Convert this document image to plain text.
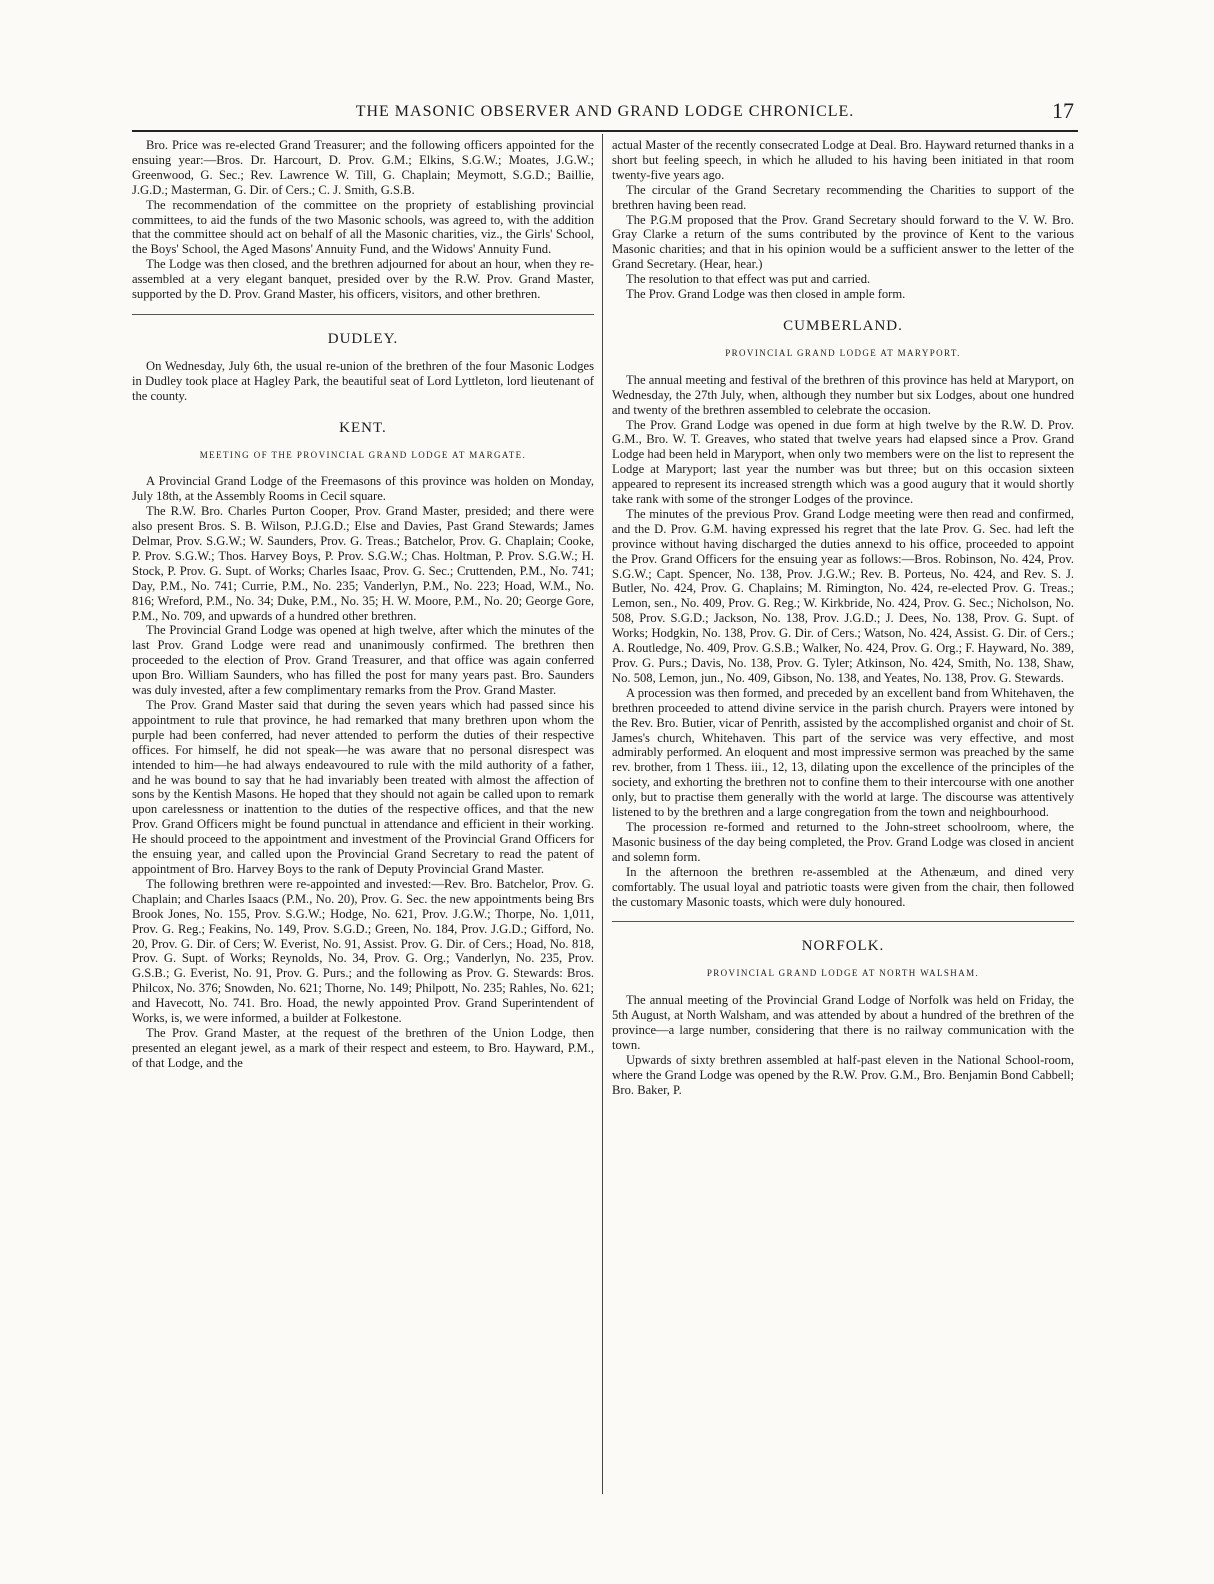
THE MASONIC OBSERVER AND GRAND LODGE CHRONICLE.	17

Bro. Price was re-elected Grand Treasurer; and the following officers appointed for the ensuing year:—Bros. Dr. Harcourt, D. Prov. G.M.; Elkins, S.G.W.; Moates, J.G.W.; Greenwood, G. Sec.; Rev. Lawrence W. Till, G. Chaplain; Meymott, S.G.D.; Baillie, J.G.D.; Masterman, G. Dir. of Cers.; C. J. Smith, G.S.B.

The recommendation of the committee on the propriety of establishing provincial committees, to aid the funds of the two Masonic schools, was agreed to, with the addition that the committee should act on behalf of all the Masonic charities, viz., the Girls' School, the Boys' School, the Aged Masons' Annuity Fund, and the Widows' Annuity Fund.

The Lodge was then closed, and the brethren adjourned for about an hour, when they re-assembled at a very elegant banquet, presided over by the R.W. Prov. Grand Master, supported by the D. Prov. Grand Master, his officers, visitors, and other brethren.

DUDLEY.

On Wednesday, July 6th, the usual re-union of the brethren of the four Masonic Lodges in Dudley took place at Hagley Park, the beautiful seat of Lord Lyttleton, lord lieutenant of the county.

KENT.
MEETING OF THE PROVINCIAL GRAND LODGE AT MARGATE.

A Provincial Grand Lodge of the Freemasons of this province was holden on Monday, July 18th, at the Assembly Rooms in Cecil square.

The R.W. Bro. Charles Purton Cooper, Prov. Grand Master, presided; and there were also present Bros. S. B. Wilson, P.J.G.D.; Else and Davies, Past Grand Stewards; James Delmar, Prov. S.G.W.; W. Saunders, Prov. G. Treas.; Batchelor, Prov. G. Chaplain; Cooke, P. Prov. S.G.W.; Thos. Harvey Boys, P. Prov. S.G.W.; Chas. Holtman, P. Prov. S.G.W.; H. Stock, P. Prov. G. Supt. of Works; Charles Isaac, Prov. G. Sec.; Cruttenden, P.M., No. 741; Day, P.M., No. 741; Currie, P.M., No. 235; Vanderlyn, P.M., No. 223; Hoad, W.M., No. 816; Wreford, P.M., No. 34; Duke, P.M., No. 35; H. W. Moore, P.M., No. 20; George Gore, P.M., No. 709, and upwards of a hundred other brethren.

The Provincial Grand Lodge was opened at high twelve, after which the minutes of the last Prov. Grand Lodge were read and unanimously confirmed. The brethren then proceeded to the election of Prov. Grand Treasurer, and that office was again conferred upon Bro. William Saunders, who has filled the post for many years past. Bro. Saunders was duly invested, after a few complimentary remarks from the Prov. Grand Master.

The Prov. Grand Master said that during the seven years which had passed since his appointment to rule that province, he had remarked that many brethren upon whom the purple had been conferred, had never attended to perform the duties of their respective offices. For himself, he did not speak—he was aware that no personal disrespect was intended to him—he had always endeavoured to rule with the mild authority of a father, and he was bound to say that he had invariably been treated with almost the affection of sons by the Kentish Masons. He hoped that they should not again be called upon to remark upon carelessness or inattention to the duties of the respective offices, and that the new Prov. Grand Officers might be found punctual in attendance and efficient in their working. He should proceed to the appointment and investment of the Provincial Grand Officers for the ensuing year, and called upon the Provincial Grand Secretary to read the patent of appointment of Bro. Harvey Boys to the rank of Deputy Provincial Grand Master.

The following brethren were re-appointed and invested:—Rev. Bro. Batchelor, Prov. G. Chaplain; and Charles Isaacs (P.M., No. 20), Prov. G. Sec. the new appointments being Brs Brook Jones, No. 155, Prov. S.G.W.; Hodge, No. 621, Prov. J.G.W.; Thorpe, No. 1,011, Prov. G. Reg.; Feakins, No. 149, Prov. S.G.D.; Green, No. 184, Prov. J.G.D.; Gifford, No. 20, Prov. G. Dir. of Cers; W. Everist, No. 91, Assist. Prov. G. Dir. of Cers.; Hoad, No. 818, Prov. G. Supt. of Works; Reynolds, No. 34, Prov. G. Org.; Vanderlyn, No. 235, Prov. G.S.B.; G. Everist, No. 91, Prov. G. Purs.; and the following as Prov. G. Stewards: Bros. Philcox, No. 376; Snowden, No. 621; Thorne, No. 149; Philpott, No. 235; Rahles, No. 621; and Havecott, No. 741. Bro. Hoad, the newly appointed Prov. Grand Superintendent of Works, is, we were informed, a builder at Folkestone.

The Prov. Grand Master, at the request of the brethren of the Union Lodge, then presented an elegant jewel, as a mark of their respect and esteem, to Bro. Hayward, P.M., of that Lodge, and the

actual Master of the recently consecrated Lodge at Deal. Bro. Hayward returned thanks in a short but feeling speech, in which he alluded to his having been initiated in that room twenty-five years ago.

The circular of the Grand Secretary recommending the Charities to support of the brethren having been read.

The P.G.M proposed that the Prov. Grand Secretary should forward to the V. W. Bro. Gray Clarke a return of the sums contributed by the province of Kent to the various Masonic charities; and that in his opinion would be a sufficient answer to the letter of the Grand Secretary. (Hear, hear.)

The resolution to that effect was put and carried.

The Prov. Grand Lodge was then closed in ample form.

CUMBERLAND.
PROVINCIAL GRAND LODGE AT MARYPORT.

The annual meeting and festival of the brethren of this province has held at Maryport, on Wednesday, the 27th July, when, although they number but six Lodges, about one hundred and twenty of the brethren assembled to celebrate the occasion.

The Prov. Grand Lodge was opened in due form at high twelve by the R.W. D. Prov. G.M., Bro. W. T. Greaves, who stated that twelve years had elapsed since a Prov. Grand Lodge had been held in Maryport, when only two members were on the list to represent the Lodge at Maryport; last year the number was but three; but on this occasion sixteen appeared to represent its increased strength which was a good augury that it would shortly take rank with some of the stronger Lodges of the province.

The minutes of the previous Prov. Grand Lodge meeting were then read and confirmed, and the D. Prov. G.M. having expressed his regret that the late Prov. G. Sec. had left the province without having discharged the duties annexd to his office, proceeded to appoint the Prov. Grand Officers for the ensuing year as follows:—Bros. Robinson, No. 424, Prov. S.G.W.; Capt. Spencer, No. 138, Prov. J.G.W.; Rev. B. Porteus, No. 424, and Rev. S. J. Butler, No. 424, Prov. G. Chaplains; M. Rimington, No. 424, re-elected Prov. G. Treas.; Lemon, sen., No. 409, Prov. G. Reg.; W. Kirkbride, No. 424, Prov. G. Sec.; Nicholson, No. 508, Prov. S.G.D.; Jackson, No. 138, Prov. J.G.D.; J. Dees, No. 138, Prov. G. Supt. of Works; Hodgkin, No. 138, Prov. G. Dir. of Cers.; Watson, No. 424, Assist. G. Dir. of Cers.; A. Routledge, No. 409, Prov. G.S.B.; Walker, No. 424, Prov. G. Org.; F. Hayward, No. 389, Prov. G. Purs.; Davis, No. 138, Prov. G. Tyler; Atkinson, No. 424, Smith, No. 138, Shaw, No. 508, Lemon, jun., No. 409, Gibson, No. 138, and Yeates, No. 138, Prov. G. Stewards.

A procession was then formed, and preceded by an excellent band from Whitehaven, the brethren proceeded to attend divine service in the parish church. Prayers were intoned by the Rev. Bro. Butier, vicar of Penrith, assisted by the accomplished organist and choir of St. James's church, Whitehaven. This part of the service was very effective, and most admirably performed. An eloquent and most impressive sermon was preached by the same rev. brother, from 1 Thess. iii., 12, 13, dilating upon the excellence of the principles of the society, and exhorting the brethren not to confine them to their intercourse with one another only, but to practise them generally with the world at large. The discourse was attentively listened to by the brethren and a large congregation from the town and neighbourhood.

The procession re-formed and returned to the John-street schoolroom, where, the Masonic business of the day being completed, the Prov. Grand Lodge was closed in ancient and solemn form.

In the afternoon the brethren re-assembled at the Athenæum, and dined very comfortably. The usual loyal and patriotic toasts were given from the chair, then followed the customary Masonic toasts, which were duly honoured.

NORFOLK.
PROVINCIAL GRAND LODGE AT NORTH WALSHAM.

The annual meeting of the Provincial Grand Lodge of Norfolk was held on Friday, the 5th August, at North Walsham, and was attended by about a hundred of the brethren of the province—a large number, considering that there is no railway communication with the town.

Upwards of sixty brethren assembled at half-past eleven in the National School-room, where the Grand Lodge was opened by the R.W. Prov. G.M., Bro. Benjamin Bond Cabbell; Bro. Baker, P.
